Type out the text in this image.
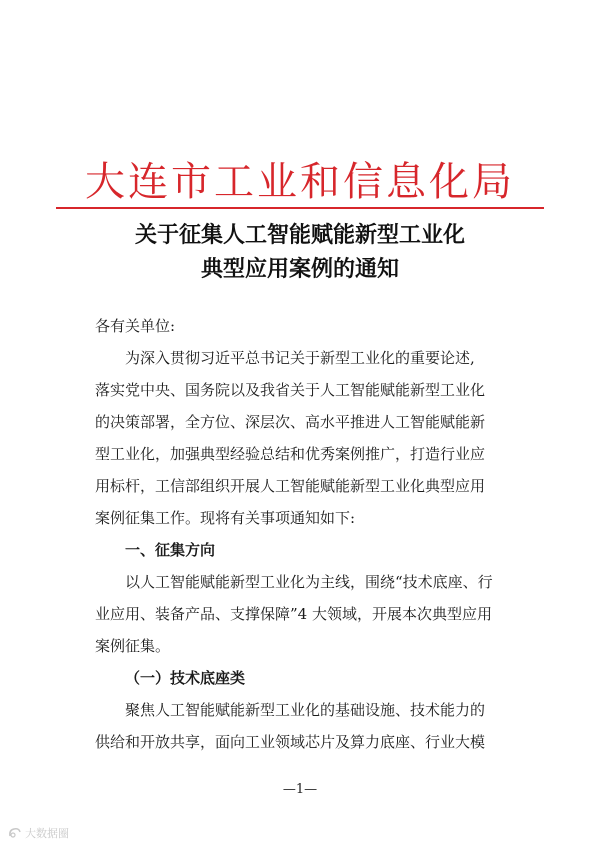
大连市工业和信息化局
关于征集人工智能赋能新型工业化
典型应用案例的通知
各有关单位:
为深入贯彻习近平总书记关于新型工业化的重要论述,
落实党中央、国务院以及我省关于人工智能赋能新型工业化
的决策部署，全方位、深层次、高水平推进人工智能赋能新
型工业化，加强典型经验总结和优秀案例推广，打造行业应
用标杆，工信部组织开展人工智能赋能新型工业化典型应用
案例征集工作。现将有关事项通知如下:
一、征集方向
以人工智能赋能新型工业化为主线，围绕“技术底座、行
业应用、装备产品、支撑保障”4 大领域，开展本次典型应用
案例征集。
（一）技术底座类
聚焦人工智能赋能新型工业化的基础设施、技术能力的
供给和开放共享，面向工业领域芯片及算力底座、行业大模
—1—
大数据圈
